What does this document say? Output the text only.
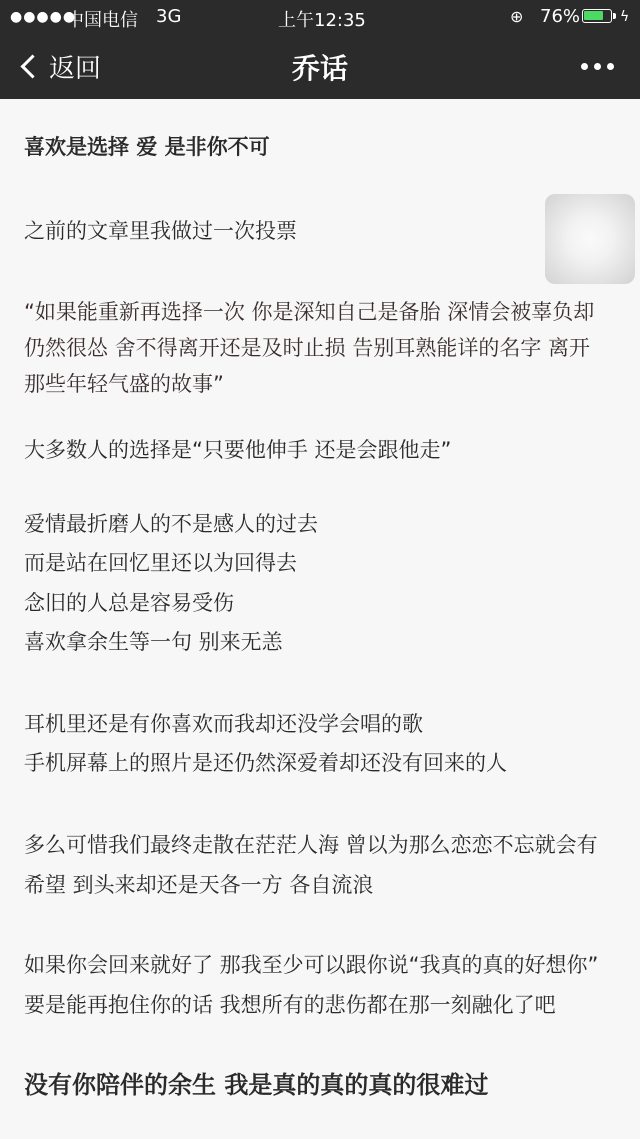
●●●●●
中国电信 3G	上午12:35	⊕ 76%	ϟ
返回	乔话
喜欢是选择 爱 是非你不可
之前的文章里我做过一次投票
“如果能重新再选择一次 你是深知自己是备胎 深情会被辜负却
仍然很怂 舍不得离开还是及时止损 告别耳熟能详的名字 离开
那些年轻气盛的故事”
大多数人的选择是“只要他伸手 还是会跟他走”
爱情最折磨人的不是感人的过去
而是站在回忆里还以为回得去
念旧的人总是容易受伤
喜欢拿余生等一句 别来无恙
耳机里还是有你喜欢而我却还没学会唱的歌
手机屏幕上的照片是还仍然深爱着却还没有回来的人
多么可惜我们最终走散在茫茫人海 曾以为那么恋恋不忘就会有
希望 到头来却还是天各一方 各自流浪
如果你会回来就好了 那我至少可以跟你说“我真的真的好想你”
要是能再抱住你的话 我想所有的悲伤都在那一刻融化了吧
没有你陪伴的余生 我是真的真的真的很难过
